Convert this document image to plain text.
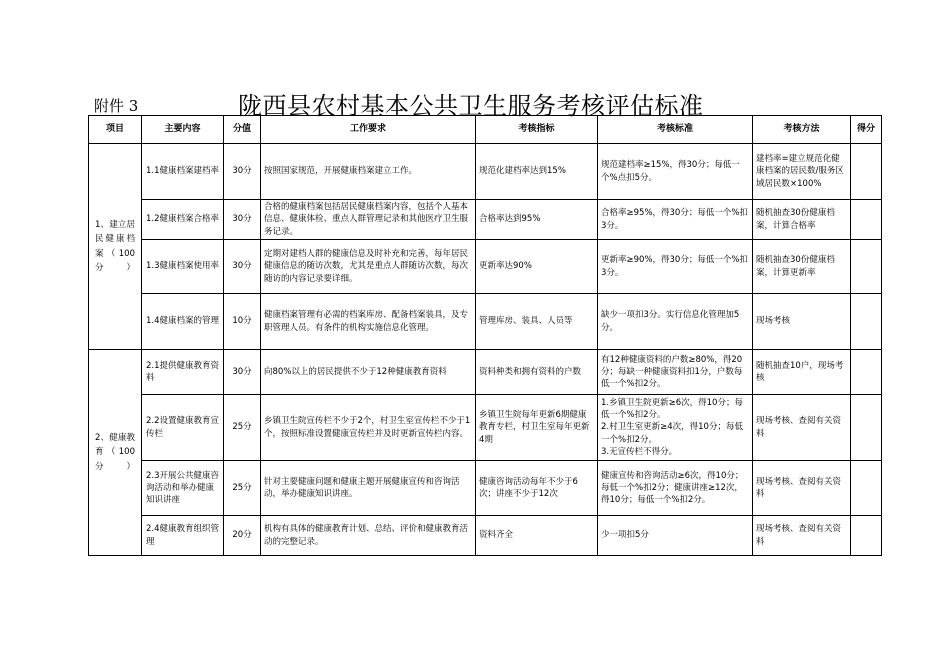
附件 3	陇西县农村基本公共卫生服务考核评估标准
项目	主要内容	分值	工作要求	考核指标	考核标准	考核方法	得分
1、建立居民健康档案（100分）	1.1健康档案建档率	30分	按照国家规范，开展健康档案建立工作。	规范化建档率达到15%	规范建档率≥15%，得30分；每低一个%点扣5分。	建档率=建立规范化健康档案的居民数/服务区域居民数×100%	
	1.2健康档案合格率	30分	合格的健康档案包括居民健康档案内容，包括个人基本信息、健康体检、重点人群管理记录和其他医疗卫生服务记录。	合格率达到95%	合格率≥95%，得30分；每低一个%扣3分。	随机抽查30份健康档案，计算合格率	
	1.3健康档案使用率	30分	定期对建档人群的健康信息及时补充和完善，每年居民健康信息的随访次数，尤其是重点人群随访次数，每次随访的内容记录要详细。	更新率达90%	更新率≥90%，得30分；每低一个%扣3分。	随机抽查30份健康档案，计算更新率	
	1.4健康档案的管理	10分	健康档案管理有必需的档案库房、配备档案装具，及专职管理人员。有条件的机构实施信息化管理。	管理库房、装具、人员等	缺少一项扣3分。实行信息化管理加5分。	现场考核	
2、健康教育（100分）	2.1提供健康教育资料	30分	向80%以上的居民提供不少于12种健康教育资料	资料种类和拥有资料的户数	有12种健康资料的户数≥80%，得20分；每缺一种健康资料扣1分，户数每低一个%扣2分。	随机抽查10户，现场考核	
	2.2设置健康教育宣传栏	25分	乡镇卫生院宣传栏不少于2个，村卫生室宣传栏不少于1个，按照标准设置健康宣传栏并及时更新宣传栏内容。	乡镇卫生院每年更新6期健康教育专栏，村卫生室每年更新4期	1.乡镇卫生院更新≥6次，得10分；每低一个%扣2分。
2.村卫生室更新≥4次，得10分；每低一个%扣2分。
3.无宣传栏不得分。	现场考核、查阅有关资料	
	2.3开展公共健康咨询活动和举办健康知识讲座	25分	针对主要健康问题和健康主题开展健康宣传和咨询活动，举办健康知识讲座。	健康咨询活动每年不少于6次；讲座不少于12次	健康宣传和咨询活动≥6次，得10分；每低一个%扣2分；健康讲座≥12次，得10分；每低一个%扣2分。	现场考核、查阅有关资料	
	2.4健康教育组织管理	20分	机构有具体的健康教育计划、总结、评价和健康教育活动的完整记录。	资料齐全	少一项扣5分	现场考核、查阅有关资料	
